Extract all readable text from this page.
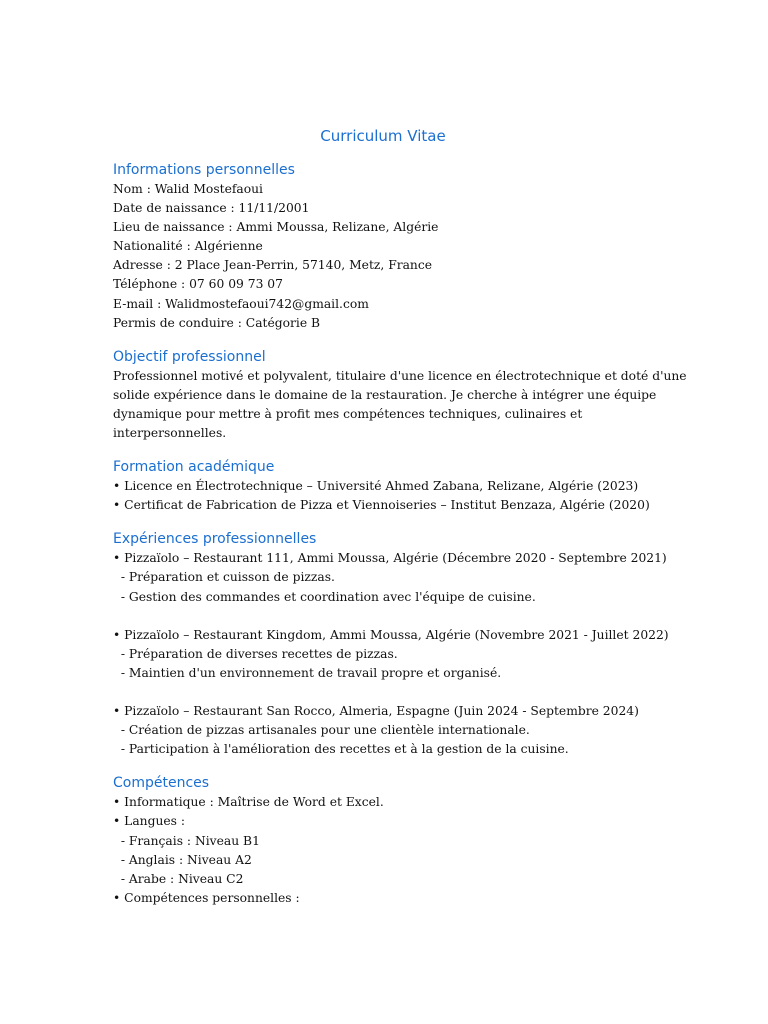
Curriculum Vitae
Informations personnelles
Nom : Walid Mostefaoui
Date de naissance : 11/11/2001
Lieu de naissance : Ammi Moussa, Relizane, Algérie
Nationalité : Algérienne
Adresse : 2 Place Jean-Perrin, 57140, Metz, France
Téléphone : 07 60 09 73 07
E-mail : Walidmostefaoui742@gmail.com
Permis de conduire : Catégorie B
Objectif professionnel
Professionnel motivé et polyvalent, titulaire d'une licence en électrotechnique et doté d'une
solide expérience dans le domaine de la restauration. Je cherche à intégrer une équipe
dynamique pour mettre à profit mes compétences techniques, culinaires et
interpersonnelles.
Formation académique
• Licence en Électrotechnique – Université Ahmed Zabana, Relizane, Algérie (2023)
• Certificat de Fabrication de Pizza et Viennoiseries – Institut Benzaza, Algérie (2020)
Expériences professionnelles
• Pizzaïolo – Restaurant 111, Ammi Moussa, Algérie (Décembre 2020 - Septembre 2021)
- Préparation et cuisson de pizzas.
- Gestion des commandes et coordination avec l'équipe de cuisine.
• Pizzaïolo – Restaurant Kingdom, Ammi Moussa, Algérie (Novembre 2021 - Juillet 2022)
- Préparation de diverses recettes de pizzas.
- Maintien d'un environnement de travail propre et organisé.
• Pizzaïolo – Restaurant San Rocco, Almeria, Espagne (Juin 2024 - Septembre 2024)
- Création de pizzas artisanales pour une clientèle internationale.
- Participation à l'amélioration des recettes et à la gestion de la cuisine.
Compétences
• Informatique : Maîtrise de Word et Excel.
• Langues :
- Français : Niveau B1
- Anglais : Niveau A2
- Arabe : Niveau C2
• Compétences personnelles :
